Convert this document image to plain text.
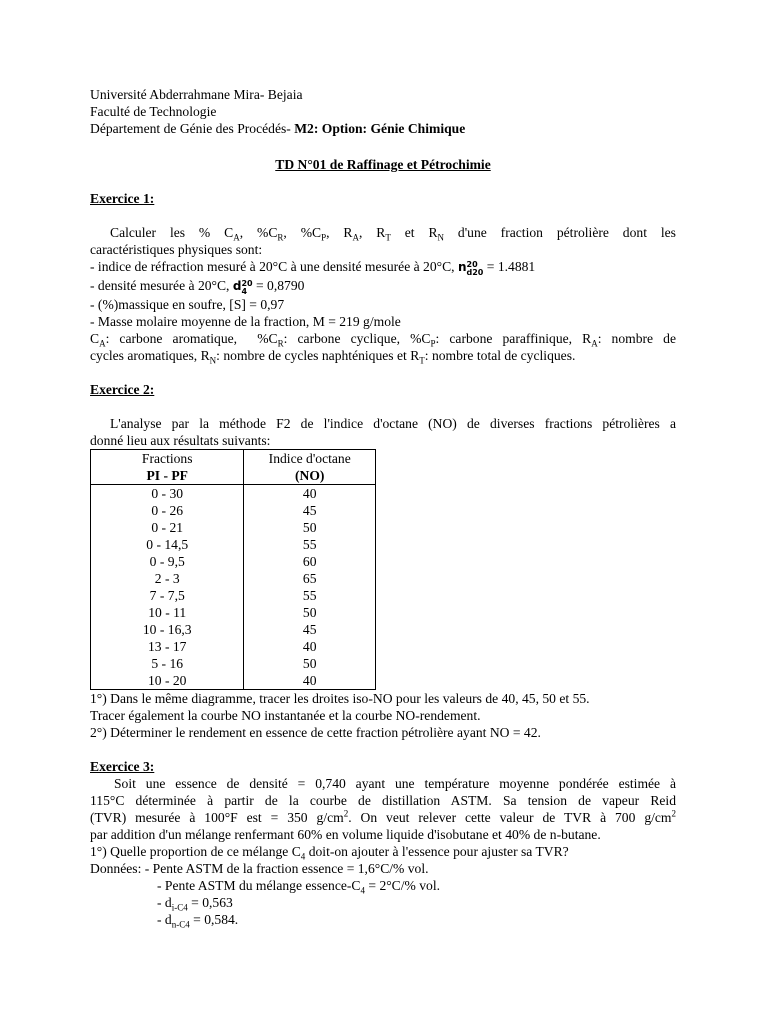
Université Abderrahmane Mira- Bejaia
Faculté de Technologie
Département de Génie des Procédés- M2: Option: Génie Chimique
TD N°01 de Raffinage et Pétrochimie
Exercice 1:
Calculer les % $C_A$, $\%C_R$, $\%C_P$, $R_A$, $R_T$ et $R_N$ d'une fraction pétrolière dont les
caractéristiques physiques sont:
- indice de réfraction mesuré à 20°C à une densité mesurée à 20°C, n20
d20 = 1.4881
- densité mesurée à 20°C, d20
4 = 0,8790
- (%)massique en soufre, [S] = 0,97
- Masse molaire moyenne de la fraction, M = 219 g/mole
$C_A$: carbone aromatique,  $\%C_R$: carbone cyclique, $\%C_P$: carbone paraffinique, $R_A$: nombre de
cycles aromatiques, $R_N$: nombre de cycles naphténiques et $R_T$: nombre total de cycliques.
Exercice 2:
L'analyse par la méthode F2 de l'indice d'octane (NO) de diverses fractions pétrolières a
donné lieu aux résultats suivants:
Fractions	Indice d'octane
PI - PF	(NO)
0 - 30	40
0 - 26	45
0 - 21	50
0 - 14,5	55
0 - 9,5	60
2 - 3	65
7 - 7,5	55
10 - 11	50
10 - 16,3	45
13 - 17	40
5 - 16	50
10 - 20	40
1°) Dans le même diagramme, tracer les droites iso-NO pour les valeurs de 40, 45, 50 et 55.
Tracer également la courbe NO instantanée et la courbe NO-rendement.
2°) Déterminer le rendement en essence de cette fraction pétrolière ayant NO = 42.
Exercice 3:
Soit une essence de densité = 0,740 ayant une température moyenne pondérée estimée à
115°C déterminée à partir de la courbe de distillation ASTM. Sa tension de vapeur Reid
(TVR) mesurée à 100°F est = 350 $g/cm^2$. On veut relever cette valeur de TVR à 700 $g/cm^2$
par addition d'un mélange renfermant 60% en volume liquide d'isobutane et 40% de n-butane.
1°) Quelle proportion de ce mélange $C_4$ doit-on ajouter à l'essence pour ajuster sa TVR?
Données: - Pente ASTM de la fraction essence = 1,6°C/% vol.
- Pente ASTM du mélange essence-$C_4 = 2^\circ C/\%$ vol.
- $d_{i-C4} = 0,563$
- $d_{n-C4} = 0,584$.
